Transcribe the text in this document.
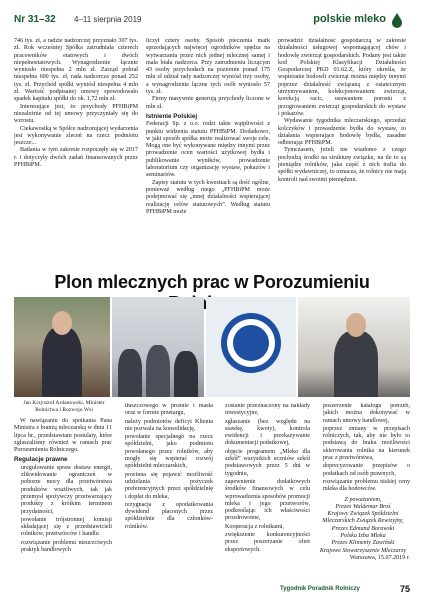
Nr 31–32 4–11 sierpnia 2019	polskie mleko

746 tys. zł, a radzie nadzorczej przyznało 307 tys. zł. Rok wcześniej Spółka zatrudniała czterech pracowników etatowych i dwóch niepełnoetatowych. Wynagrodzenie łącznie wyniosło niespełna 2 mln zł. Zarząd pobrał niespełna 600 tys. zł, rada nadzorcza ponad 252 tys. zł. Przychód spółki wyniósł niespełna 4 mln zł. Wartość podpisanej umowy spowodowało spadek kapitału spółki do ok. 1,72 mln zł.

Interesujące jest, że przychody PFHBiPM niezależnie od tej umowy przyczyniały się do wzrostu.

Ciekawostką w Spółce nadzorującej wydarzenia jest wykonywanie zleceń na rzecz podmiotu jeszcze...

Badania w tym zakresie rozpoczęły się w 2017 r. i dotyczyły dwóch zadań finansowanych przez PFHBiPM.

liczył cztery osoby. Sposób pieczenia mark sprzedających najwięcej ogrodników spędza na wytwarzaniu przez nich jednej mlecznej samej i mała biała nadzorca. Przy zatrudnieniu liczącym 43 osoby przychodach na poziomie ponad 175 mln zł udział rady nadzorczej wyniósł trzy osoby, a wynagrodzenie łączne tych osób wyniosło 57 tys. zł.

Firmy masywnie generują przychody liczone w mln zł.

Istnienie Polskiej

Federacji Sp. z o.o. rodzi takie wątpliwości z punktu widzenia statutu PFHBiPM. Dodatkowo, w jaki sposób spółka może realizować swoje cele. Mogą one być wykonywane między innymi przez prowadzenie ocen wartości użytkowej bydła i publikowanie wyników, prowadzenie laboratorium czy organizację wystaw, pokazów i seminariów.

Zapisy statutu w tych kwestiach są dość ogólne, ponieważ według niego „PFHBiPM może podejmować się „innej działalności wspierającej realizację celów statutowych”. Według statutu PFHBiPM może

prowadzić działalność gospodarczą w zakresie działalności usługowej wspomagającej chów i hodowlę zwierząt gospodarskich. Podany jest także kod Polskiej Klasyfikacji Działalności Gospodarczej PKD 01.62.Z, który określa, że wspieranie hodowli zwierząt można między innymi poprzez działalność związaną z ostatecznym utrzymywaniem, kolekcjonowaniem zwierząt, korekcją racic, usuwaniem porostu z przogrowaniem zwierząt gospodarskich do wystaw i pokazów.

Wydawanie tygodnika mleczarskiego, sprzedaż kolczyków i prowadzenie bydła do wystaw, to działania wspierające hodowlę bydła, zasadne odbierając PFHBiPM.

Tymczasem, jeżeli nie wiadomo z czego pochodzą środki na strukturę związku, na ile to są pieniądze rolników, jaka część z nich trafia do spółki wydawniczej, to oznacza, że rolnicy nie mają kontroli nad swoimi pieniędzmi.

Plon mlecznych prac w Porozumieniu
Jan Krzysztof Ardanowski, Minister Rolnictwa i Rozwoju Wsi

W nawiązaniu do spotkania Pana Ministra z branżą mleczarską w dniu 11 lipca br., przedstawiam postulaty, które zgłaszaliśmy również w ramach prac Porozumienia Rolniczego.

Regulacje prawne
• uregulowanie spraw dostaw energii, zlikwidowanie ograniczeń w poborze mocy dla przetwórstwa produktów wrażliwych, tak jak przemysł spożywczy przetwarzający produkty z krótkim terminem przydatności,
• powołanie trójstronnej komisji składającej się z przedstawicieli rolników, przetwórców i handlu
• rozwiązanie problemu nieuczciwych praktyk handlowych
• tłuszczowego w prośnie i masła oraz w formie przetargu,
• należy podmiotów deficyt Klienta nie pozwala na konsolidację,
• powołanie specjalnego na rzecz spółdzielni, jako podmiotu powołanego przez rolników, aby mogły się wspierać rozwój spółdzielni mleczarskich,
• powinna się pojawić możliwość udzielania pożyczek preferencyjnych przez spółdzielnię i dopłat do mleka,
• rezygnacja z opodatkowania dywidend płaconych przez spółdzielnie dla członków-rolników.
• zostanie przeznaczony na nakłady inwestycyjne,
• zgłaszanie (bez względu na stawkę, kwoty), kontrola ewidencji i przekazywanie dokumentacji podatkowej,
• objęcie programem „Mleko dla szkół” wszystkich uczniów szkół podstawowych przez 5 dni w tygodniu,
• zapewnienie dodatkowych środków finansowych w celu wprowadzenia sposobów promocji mleka i jego przetworów, podkreślając ich właściwości prozdrowotne,
• Kooperacja z rolnikami,
• zwiększenie konkurencyjności przez poszerzanie ofert eksportowych.
• poszerzenie katalogu potrzeb, jakich można dokonywać w ramach umowy handlowej,
• poprzez zmiany w przepisach rolniczych, tak, aby nie było to podstawą do braku możliwości skierowania rolnika na kierunek prac z przetwórstwa,
• doprecyzowanie przepisów o podatkach od osób prawnych,
• rozwiązanie problemu niskiej ceny mleka dla hodowców.

Z poważaniem,
Prezes Waldemar Broś
Krajowy Związek Spółdzielni Mleczarskich Związek Rewizyjny,
Prezes Edmund Borawski
Polska Izba Mleka
Prezes Klimenty Zawiński
Krajowe Stowarzyszenie Mleczarzy

Warszawa, 15.07.2019 r.

Tygodnik Poradnik Rolniczy	75
